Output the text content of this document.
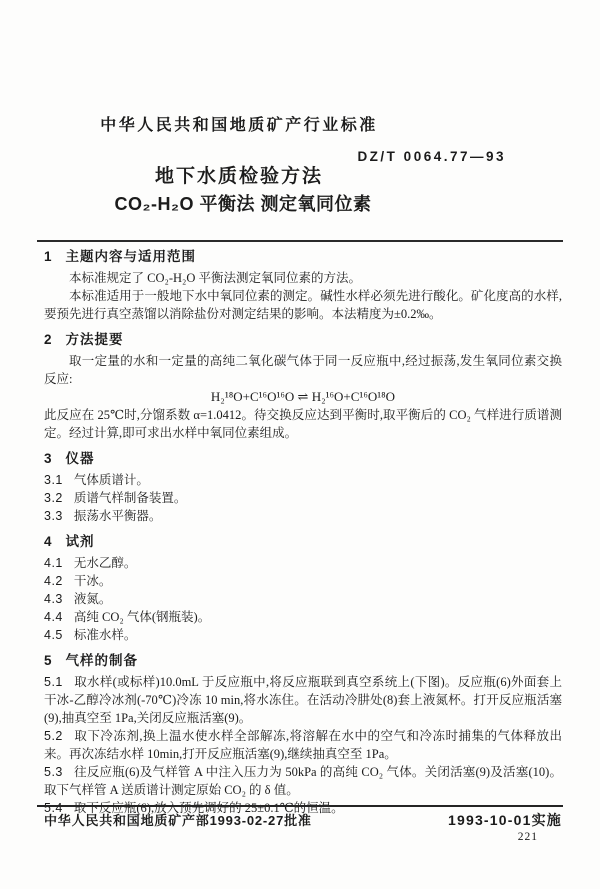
中华人民共和国地质矿产行业标准
DZ/T 0064.77—93
地下水质检验方法
CO₂-H₂O 平衡法 测定氧同位素
1 主题内容与适用范围

本标准规定了 CO₂-H₂O 平衡法测定氧同位素的方法。

本标准适用于一般地下水中氧同位素的测定。碱性水样必须先进行酸化。矿化度高的水样,要预先进行真空蒸馏以消除盐份对测定结果的影响。本法精度为±0.2‰。

2 方法提要

取一定量的水和一定量的高纯二氧化碳气体于同一反应瓶中,经过振荡,发生氧同位素交换反应:

H₂¹⁸O+C¹⁶O¹⁶O ⇌ H₂¹⁶O+C¹⁶O¹⁸O

此反应在 25℃时,分馏系数 α=1.0412。待交换反应达到平衡时,取平衡后的 CO₂ 气样进行质谱测定。经过计算,即可求出水样中氧同位素组成。

3 仪器

3.1 气体质谱计。

3.2 质谱气样制备装置。

3.3 振荡水平衡器。

4 试剂

4.1 无水乙醇。

4.2 干冰。

4.3 液氮。

4.4 高纯 CO₂ 气体(钢瓶装)。

4.5 标准水样。

5 气样的制备

5.1 取水样(或标样)10.0mL 于反应瓶中,将反应瓶联到真空系统上(下图)。反应瓶(6)外面套上干冰-乙醇冷冰剂(-70℃)冷冻 10 min,将水冻住。在活动冷肼处(8)套上液氮杯。打开反应瓶活塞(9),抽真空至 1Pa,关闭反应瓶活塞(9)。

5.2 取下冷冻剂,换上温水使水样全部解冻,将溶解在水中的空气和冷冻时捕集的气体释放出来。再次冻结水样 10min,打开反应瓶活塞(9),继续抽真空至 1Pa。

5.3 往反应瓶(6)及气样管 A 中注入压力为 50kPa 的高纯 CO₂ 气体。关闭活塞(9)及活塞(10)。取下气样管 A 送质谱计测定原始 CO₂ 的 δ 值。

5.4 取下反应瓶(6),放入预先调好的 25±0.1℃的恒温。

中华人民共和国地质矿产部1993-02-27批准	1993-10-01实施
221
